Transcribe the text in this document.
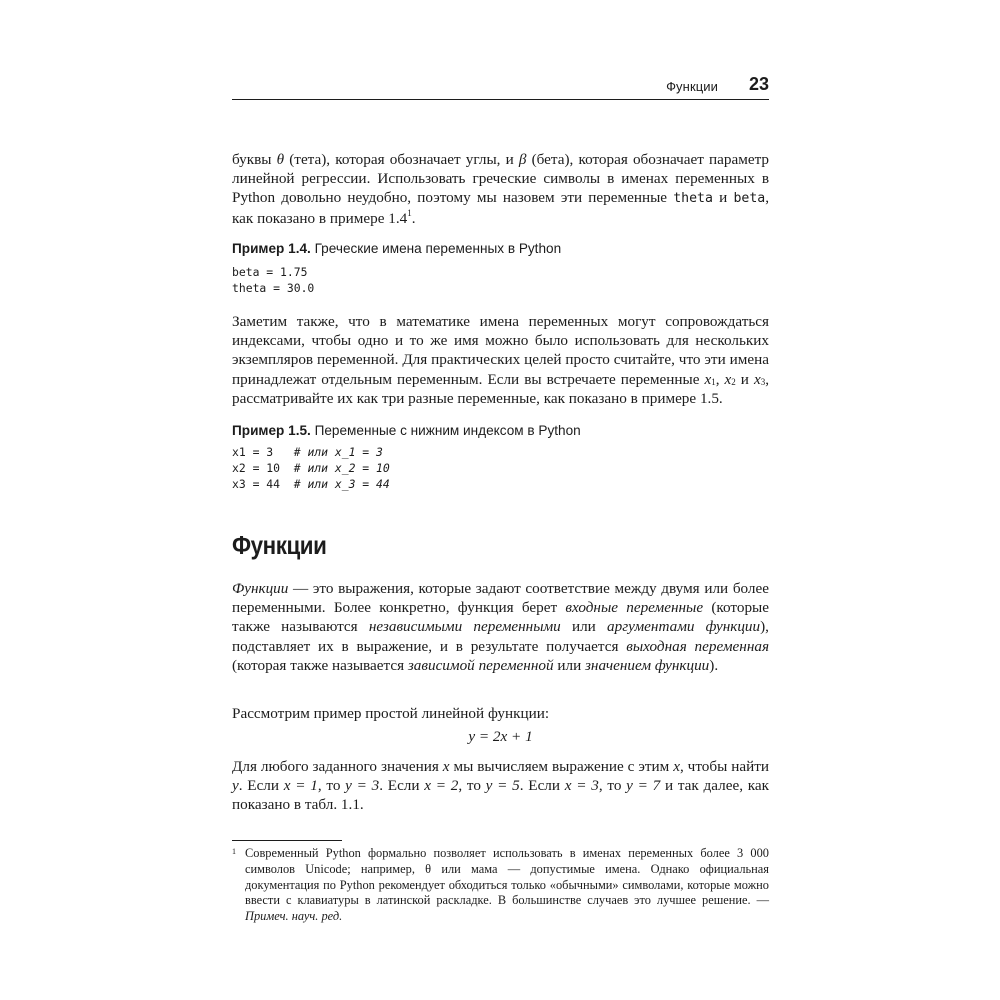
Функции 23

буквы θ (тета), которая обозначает углы, и β (бета), которая обозначает параметр линейной регрессии. Использовать греческие символы в именах переменных в Python довольно неудобно, поэтому мы назовем эти переменные theta и beta, как показано в примере $1.4^1$.

Пример 1.4. Греческие имена переменных в Python
beta = 1.75
theta = 30.0

Заметим также, что в математике имена переменных могут сопровождаться индексами, чтобы одно и то же имя можно было использовать для нескольких экземпляров переменной. Для практических целей просто считайте, что эти имена принадлежат отдельным переменным. Если вы встречаете переменные $x_1$, $x_2$ и $x_3$, рассматривайте их как три разные переменные, как показано в примере 1.5.

Пример 1.5. Переменные с нижним индексом в Python
x1 = 3   # или x_1 = 3
x2 = 10  # или x_2 = 10
x3 = 44  # или x_3 = 44
Функции

Функции — это выражения, которые задают соответствие между двумя или более переменными. Более конкретно, функция берет входные переменные (которые также называются независимыми переменными или аргументами функции), подставляет их в выражение, и в результате получается выходная переменная (которая также называется зависимой переменной или значением функции).

Рассмотрим пример простой линейной функции:

y = 2x + 1

Для любого заданного значения x мы вычисляем выражение с этим x, чтобы найти y. Если x = 1, то y = 3. Если x = 2, то y = 5. Если x = 3, то y = 7 и так далее, как показано в табл. 1.1.

1 Современный Python формально позволяет использовать в именах переменных более 3 000 символов Unicode; например, θ или мама — допустимые имена. Однако официальная документация по Python рекомендует обходиться только «обычными» символами, которые можно ввести с клавиатуры в латинской раскладке. В большинстве случаев это лучшее решение. — Примеч. науч. ред.
